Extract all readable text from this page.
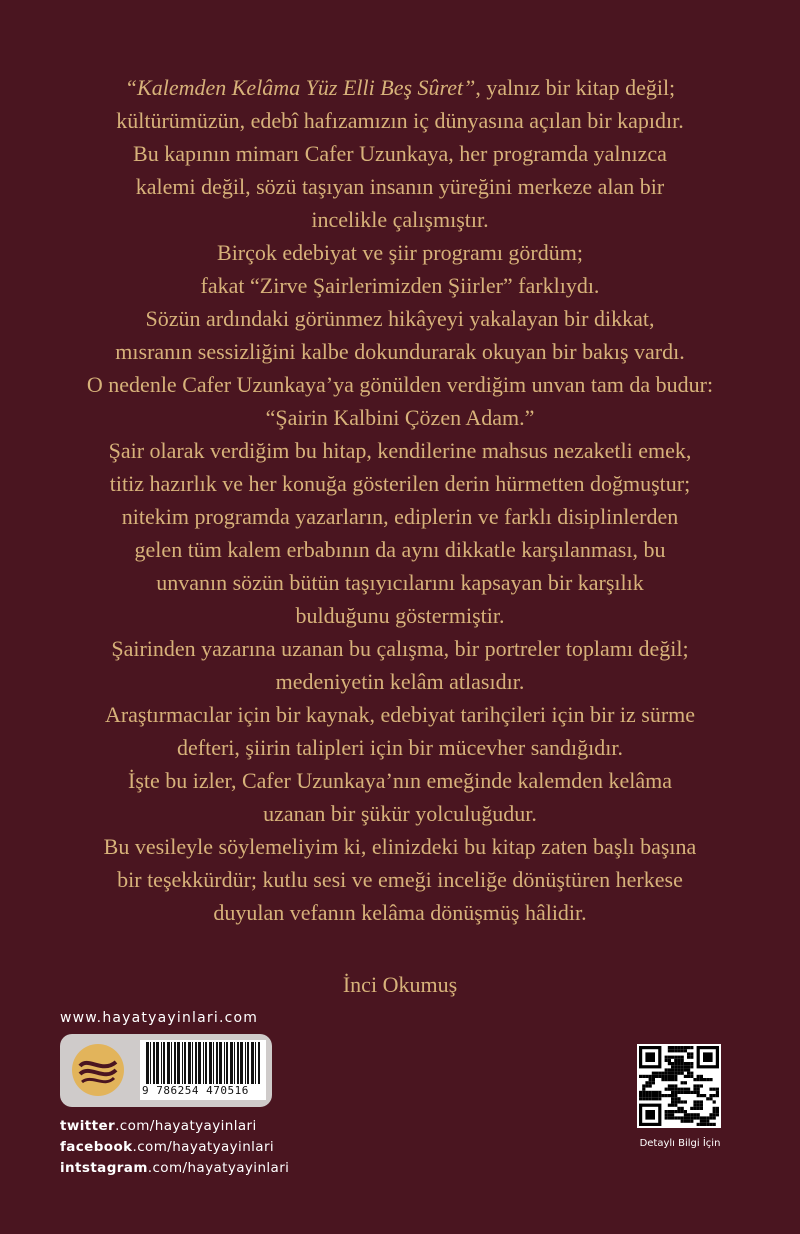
“Kalemden Kelâma Yüz Elli Beş Sûret”, yalnız bir kitap değil;

kültürümüzün, edebî hafızamızın iç dünyasına açılan bir kapıdır.

Bu kapının mimarı Cafer Uzunkaya, her programda yalnızca

kalemi değil, sözü taşıyan insanın yüreğini merkeze alan bir

incelikle çalışmıştır.

Birçok edebiyat ve şiir programı gördüm;

fakat “Zirve Şairlerimizden Şiirler” farklıydı.

Sözün ardındaki görünmez hikâyeyi yakalayan bir dikkat,

mısranın sessizliğini kalbe dokundurarak okuyan bir bakış vardı.

O nedenle Cafer Uzunkaya’ya gönülden verdiğim unvan tam da budur:

“Şairin Kalbini Çözen Adam.”

Şair olarak verdiğim bu hitap, kendilerine mahsus nezaketli emek,

titiz hazırlık ve her konuğa gösterilen derin hürmetten doğmuştur;

nitekim programda yazarların, ediplerin ve farklı disiplinlerden

gelen tüm kalem erbabının da aynı dikkatle karşılanması, bu

unvanın sözün bütün taşıyıcılarını kapsayan bir karşılık

bulduğunu göstermiştir.

Şairinden yazarına uzanan bu çalışma, bir portreler toplamı değil;

medeniyetin kelâm atlasıdır.

Araştırmacılar için bir kaynak, edebiyat tarihçileri için bir iz sürme

defteri, şiirin talipleri için bir mücevher sandığıdır.

İşte bu izler, Cafer Uzunkaya’nın emeğinde kalemden kelâma

uzanan bir şükür yolculuğudur.

Bu vesileyle söylemeliyim ki, elinizdeki bu kitap zaten başlı başına

bir teşekkürdür; kutlu sesi ve emeği inceliğe dönüştüren herkese

duyulan vefanın kelâma dönüşmüş hâlidir.

İnci Okumuş
www.hayatyayinlari.com
9 786254 470516
twitter.com/hayatyayinlari
facebook.com/hayatyayinlari
intstagram.com/hayatyayinlari
Detaylı Bilgi İçin
